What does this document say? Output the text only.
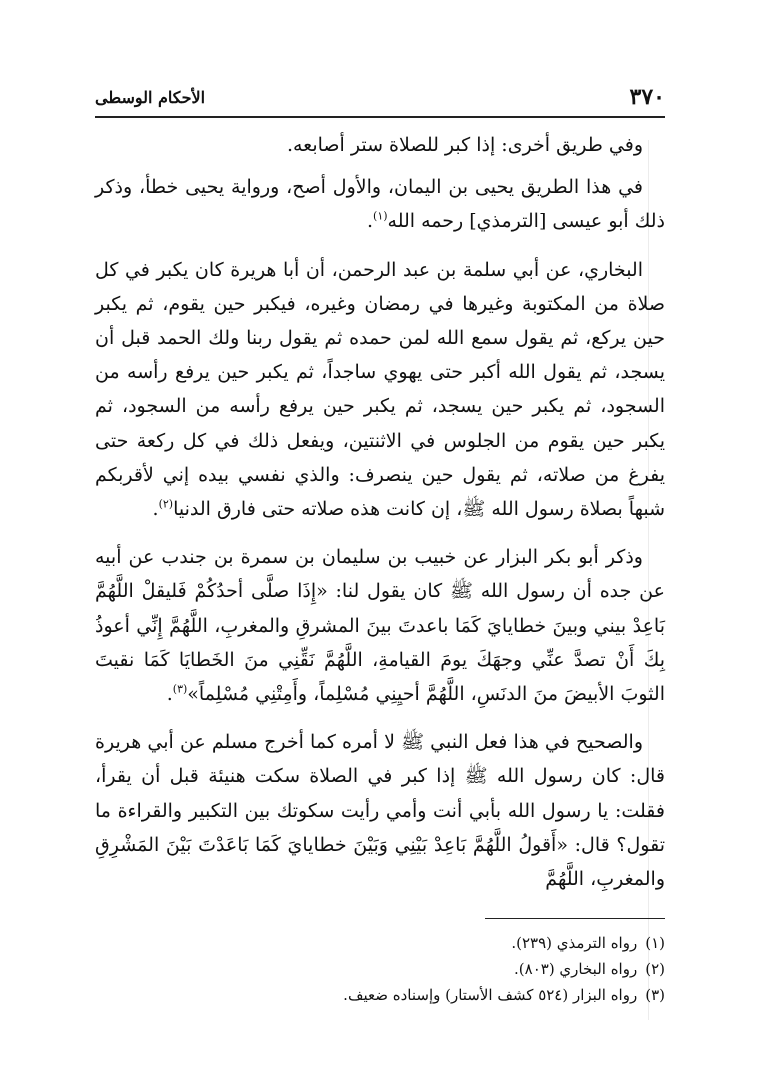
٣٧٠
الأحكام الوسطى

وفي طريق أخرى: إذا كبر للصلاة ستر أصابعه.

في هذا الطريق يحيى بن اليمان، والأول أصح، ورواية يحيى خطأ، وذكر ذلك أبو عيسى [الترمذي] رحمه الله$^{(١)}$.

البخاري، عن أبي سلمة بن عبد الرحمن، أن أبا هريرة كان يكبر في كل صلاة من المكتوبة وغيرها في رمضان وغيره، فيكبر حين يقوم، ثم يكبر حين يركع، ثم يقول سمع الله لمن حمده ثم يقول ربنا ولك الحمد قبل أن يسجد، ثم يقول الله أكبر حتى يهوي ساجداً، ثم يكبر حين يرفع رأسه من السجود، ثم يكبر حين يسجد، ثم يكبر حين يرفع رأسه من السجود، ثم يكبر حين يقوم من الجلوس في الاثنتين، ويفعل ذلك في كل ركعة حتى يفرغ من صلاته، ثم يقول حين ينصرف: والذي نفسي بيده إني لأقربكم شبهاً بصلاة رسول الله ﷺ، إن كانت هذه صلاته حتى فارق الدنيا$^{(٢)}$.

وذكر أبو بكر البزار عن خبيب بن سليمان بن سمرة بن جندب عن أبيه عن جده أن رسول الله ﷺ كان يقول لنا: «إِذَا صلَّى أحدُكُمْ فَليقلْ اللَّهُمَّ بَاعِدْ بيني وبينَ خطايايَ كَمَا باعدتَ بينَ المشرقِ والمغربِ، اللَّهُمَّ إِنِّي أعوذُ بِكَ أَنْ تصدَّ عنِّي وجهَكَ يومَ القيامةِ، اللَّهُمَّ نَقِّنِي منَ الخَطايَا كَمَا نقيتَ الثوبَ الأبيضَ منَ الدنَسِ، اللَّهُمَّ أحيِنِي مُسْلِماً، وأَمِتْنِي مُسْلِماً»$^{(٣)}$.

والصحيح في هذا فعل النبي ﷺ لا أمره كما أخرج مسلم عن أبي هريرة قال: كان رسول الله ﷺ إذا كبر في الصلاة سكت هنيئة قبل أن يقرأ، فقلت: يا رسول الله بأبي أنت وأمي رأيت سكوتك بين التكبير والقراءة ما تقول؟ قال: «أَقولُ اللَّهُمَّ بَاعِدْ بَيْنِي وَبَيْنَ خطايايَ كَمَا بَاعَدْتَ بَيْنَ المَشْرِقِ والمغربِ، اللَّهُمَّ

(١)رواه الترمذي (٢٣٩).
(٢)رواه البخاري (٨٠٣).
(٣)رواه البزار (٥٢٤ كشف الأستار) وإسناده ضعيف.
